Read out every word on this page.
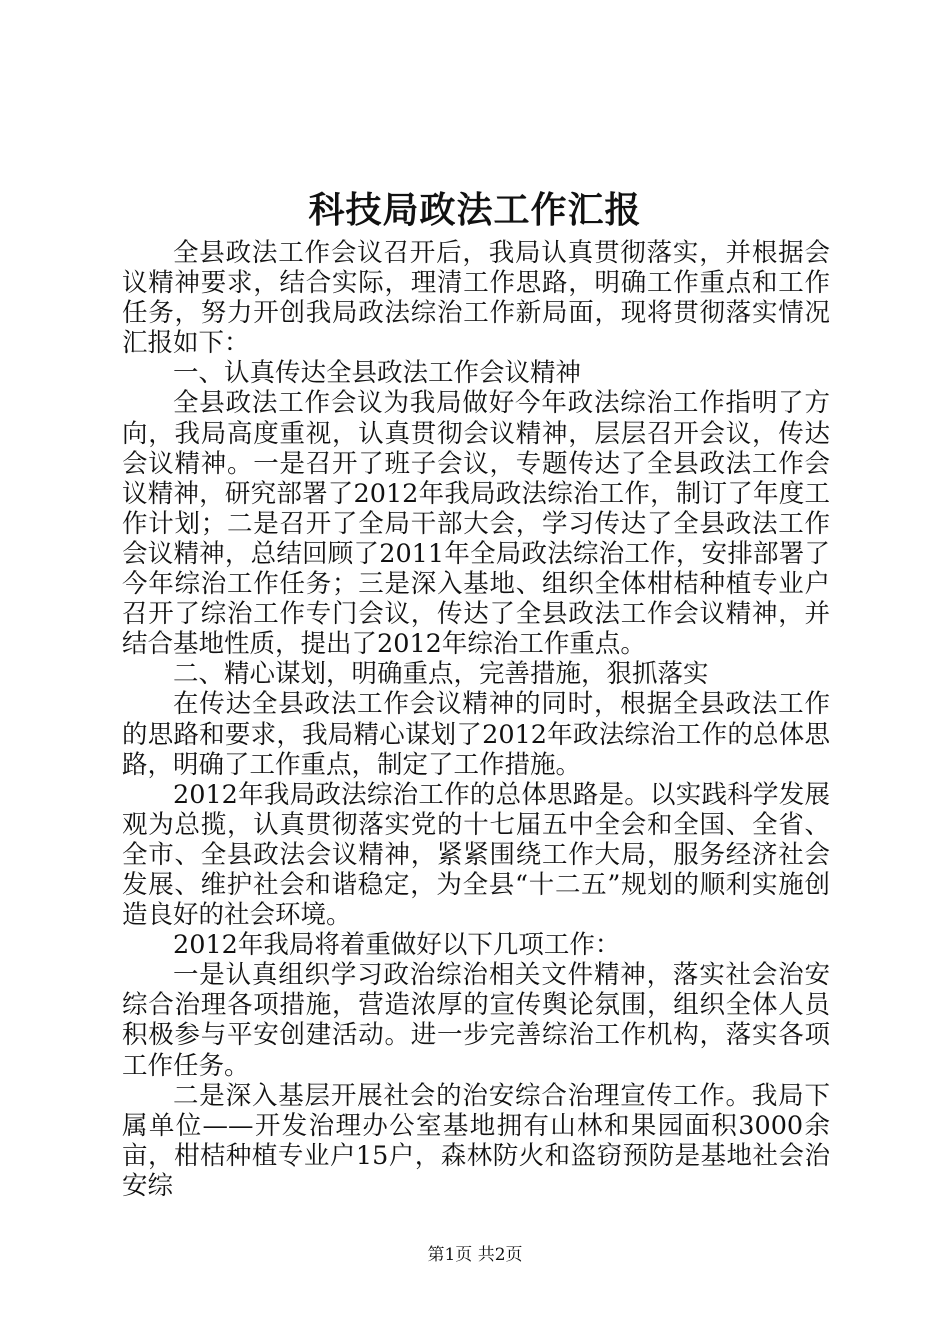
科技局政法工作汇报

全县政法工作会议召开后，我局认真贯彻落实，并根据会议精神要求，结合实际，理清工作思路，明确工作重点和工作任务，努力开创我局政法综治工作新局面，现将贯彻落实情况汇报如下：

一、认真传达全县政法工作会议精神

全县政法工作会议为我局做好今年政法综治工作指明了方向，我局高度重视，认真贯彻会议精神，层层召开会议，传达会议精神。一是召开了班子会议，专题传达了全县政法工作会议精神，研究部署了2012年我局政法综治工作，制订了年度工作计划；二是召开了全局干部大会，学习传达了全县政法工作会议精神，总结回顾了2011年全局政法综治工作，安排部署了今年综治工作任务；三是深入基地、组织全体柑桔种植专业户召开了综治工作专门会议，传达了全县政法工作会议精神，并结合基地性质，提出了2012年综治工作重点。

二、精心谋划，明确重点，完善措施，狠抓落实

在传达全县政法工作会议精神的同时，根据全县政法工作的思路和要求，我局精心谋划了2012年政法综治工作的总体思路，明确了工作重点，制定了工作措施。

2012年我局政法综治工作的总体思路是。以实践科学发展观为总揽，认真贯彻落实党的十七届五中全会和全国、全省、全市、全县政法会议精神，紧紧围绕工作大局，服务经济社会发展、维护社会和谐稳定，为全县“十二五”规划的顺利实施创造良好的社会环境。

2012年我局将着重做好以下几项工作：

一是认真组织学习政治综治相关文件精神，落实社会治安综合治理各项措施，营造浓厚的宣传舆论氛围，组织全体人员积极参与平安创建活动。进一步完善综治工作机构，落实各项工作任务。

二是深入基层开展社会的治安综合治理宣传工作。我局下属单位——开发治理办公室基地拥有山林和果园面积3000余亩，柑桔种植专业户15户，森林防火和盗窃预防是基地社会治安综

第1页 共2页
